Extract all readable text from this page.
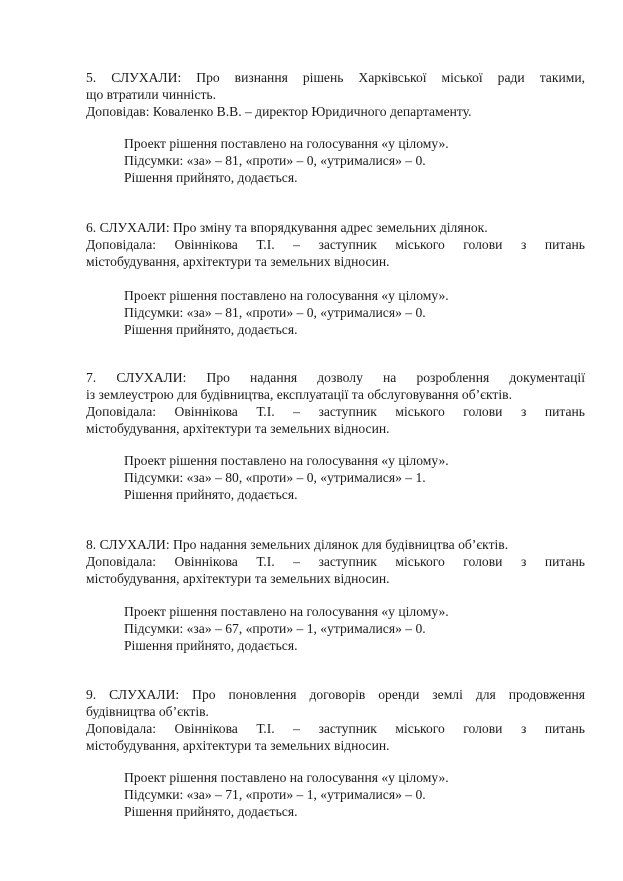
5. СЛУХАЛИ: Про визнання рішень Харківської міської ради такими,
що втратили чинність.
Доповідав: Коваленко В.В. – директор Юридичного департаменту.
Проект рішення поставлено на голосування «у цілому».
Підсумки: «за» – 81, «проти» – 0, «утрималися» – 0.
Рішення прийнято, додається.
6. СЛУХАЛИ: Про зміну та впорядкування адрес земельних ділянок.
Доповідала: Овіннікова Т.І. – заступник міського голови з питань
містобудування, архітектури та земельних відносин.
Проект рішення поставлено на голосування «у цілому».
Підсумки: «за» – 81, «проти» – 0, «утрималися» – 0.
Рішення прийнято, додається.
7. СЛУХАЛИ: Про надання дозволу на розроблення документації
із землеустрою для будівництва, експлуатації та обслуговування об’єктів.
Доповідала: Овіннікова Т.І. – заступник міського голови з питань
містобудування, архітектури та земельних відносин.
Проект рішення поставлено на голосування «у цілому».
Підсумки: «за» – 80, «проти» – 0, «утрималися» – 1.
Рішення прийнято, додається.
8. СЛУХАЛИ: Про надання земельних ділянок для будівництва об’єктів.
Доповідала: Овіннікова Т.І. – заступник міського голови з питань
містобудування, архітектури та земельних відносин.
Проект рішення поставлено на голосування «у цілому».
Підсумки: «за» – 67, «проти» – 1, «утрималися» – 0.
Рішення прийнято, додається.
9. СЛУХАЛИ: Про поновлення договорів оренди землі для продовження
будівництва об’єктів.
Доповідала: Овіннікова Т.І. – заступник міського голови з питань
містобудування, архітектури та земельних відносин.
Проект рішення поставлено на голосування «у цілому».
Підсумки: «за» – 71, «проти» – 1, «утрималися» – 0.
Рішення прийнято, додається.
